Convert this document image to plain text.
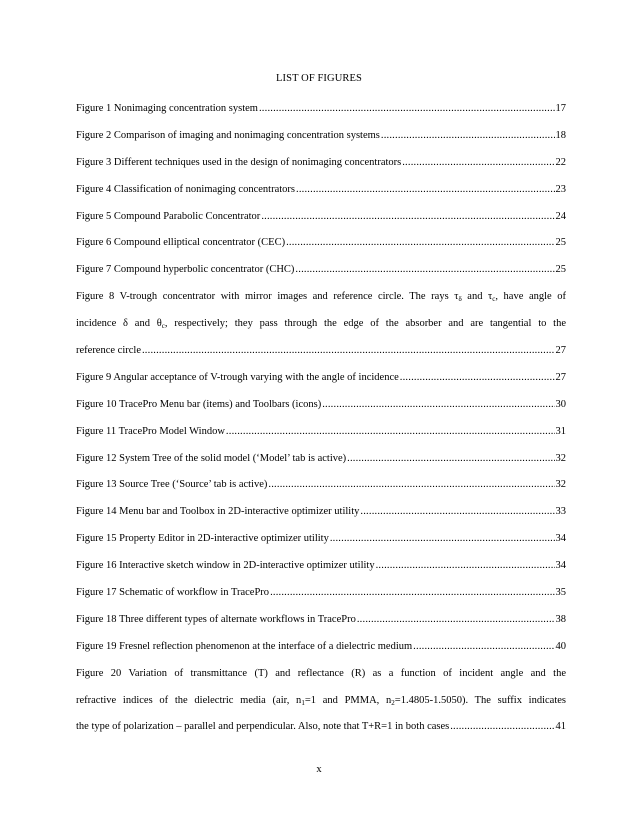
LIST OF FIGURES
Figure 1 Nonimaging concentration system .....	17
Figure 2 Comparison of imaging and nonimaging concentration systems .....	18
Figure 3 Different techniques used in the design of nonimaging concentrators .....	22
Figure 4 Classification of nonimaging concentrators .....	23
Figure 5 Compound Parabolic Concentrator .....	24
Figure 6 Compound elliptical concentrator (CEC) .....	25
Figure 7 Compound hyperbolic concentrator (CHC) .....	25
Figure 8 V-trough concentrator with mirror images and reference circle. The rays $\tau_\delta$ and $\tau_c$, have angle of
incidence δ and $\theta_c$, respectively; they pass through the edge of the absorber and are tangential to the
reference circle .....	27
Figure 9 Angular acceptance of V-trough varying with the angle of incidence .....	27
Figure 10 TracePro Menu bar (items) and Toolbars (icons) .....	30
Figure 11 TracePro Model Window .....	31
Figure 12 System Tree of the solid model (‘Model’ tab is active) .....	32
Figure 13 Source Tree (‘Source’ tab is active) .....	32
Figure 14 Menu bar and Toolbox in 2D-interactive optimizer utility .....	33
Figure 15 Property Editor in 2D-interactive optimizer utility .....	34
Figure 16 Interactive sketch window in 2D-interactive optimizer utility .....	34
Figure 17 Schematic of workflow in TracePro .....	35
Figure 18 Three different types of alternate workflows in TracePro .....	38
Figure 19 Fresnel reflection phenomenon at the interface of a dielectric medium .....	40
Figure 20 Variation of transmittance (T) and reflectance (R) as a function of incident angle and the
refractive indices of the dielectric media (air, $n_1=1$ and PMMA, $n_2=1.4805-1.5050$). The suffix indicates
the type of polarization – parallel and perpendicular. Also, note that T+R=1 in both cases .....	41
x
